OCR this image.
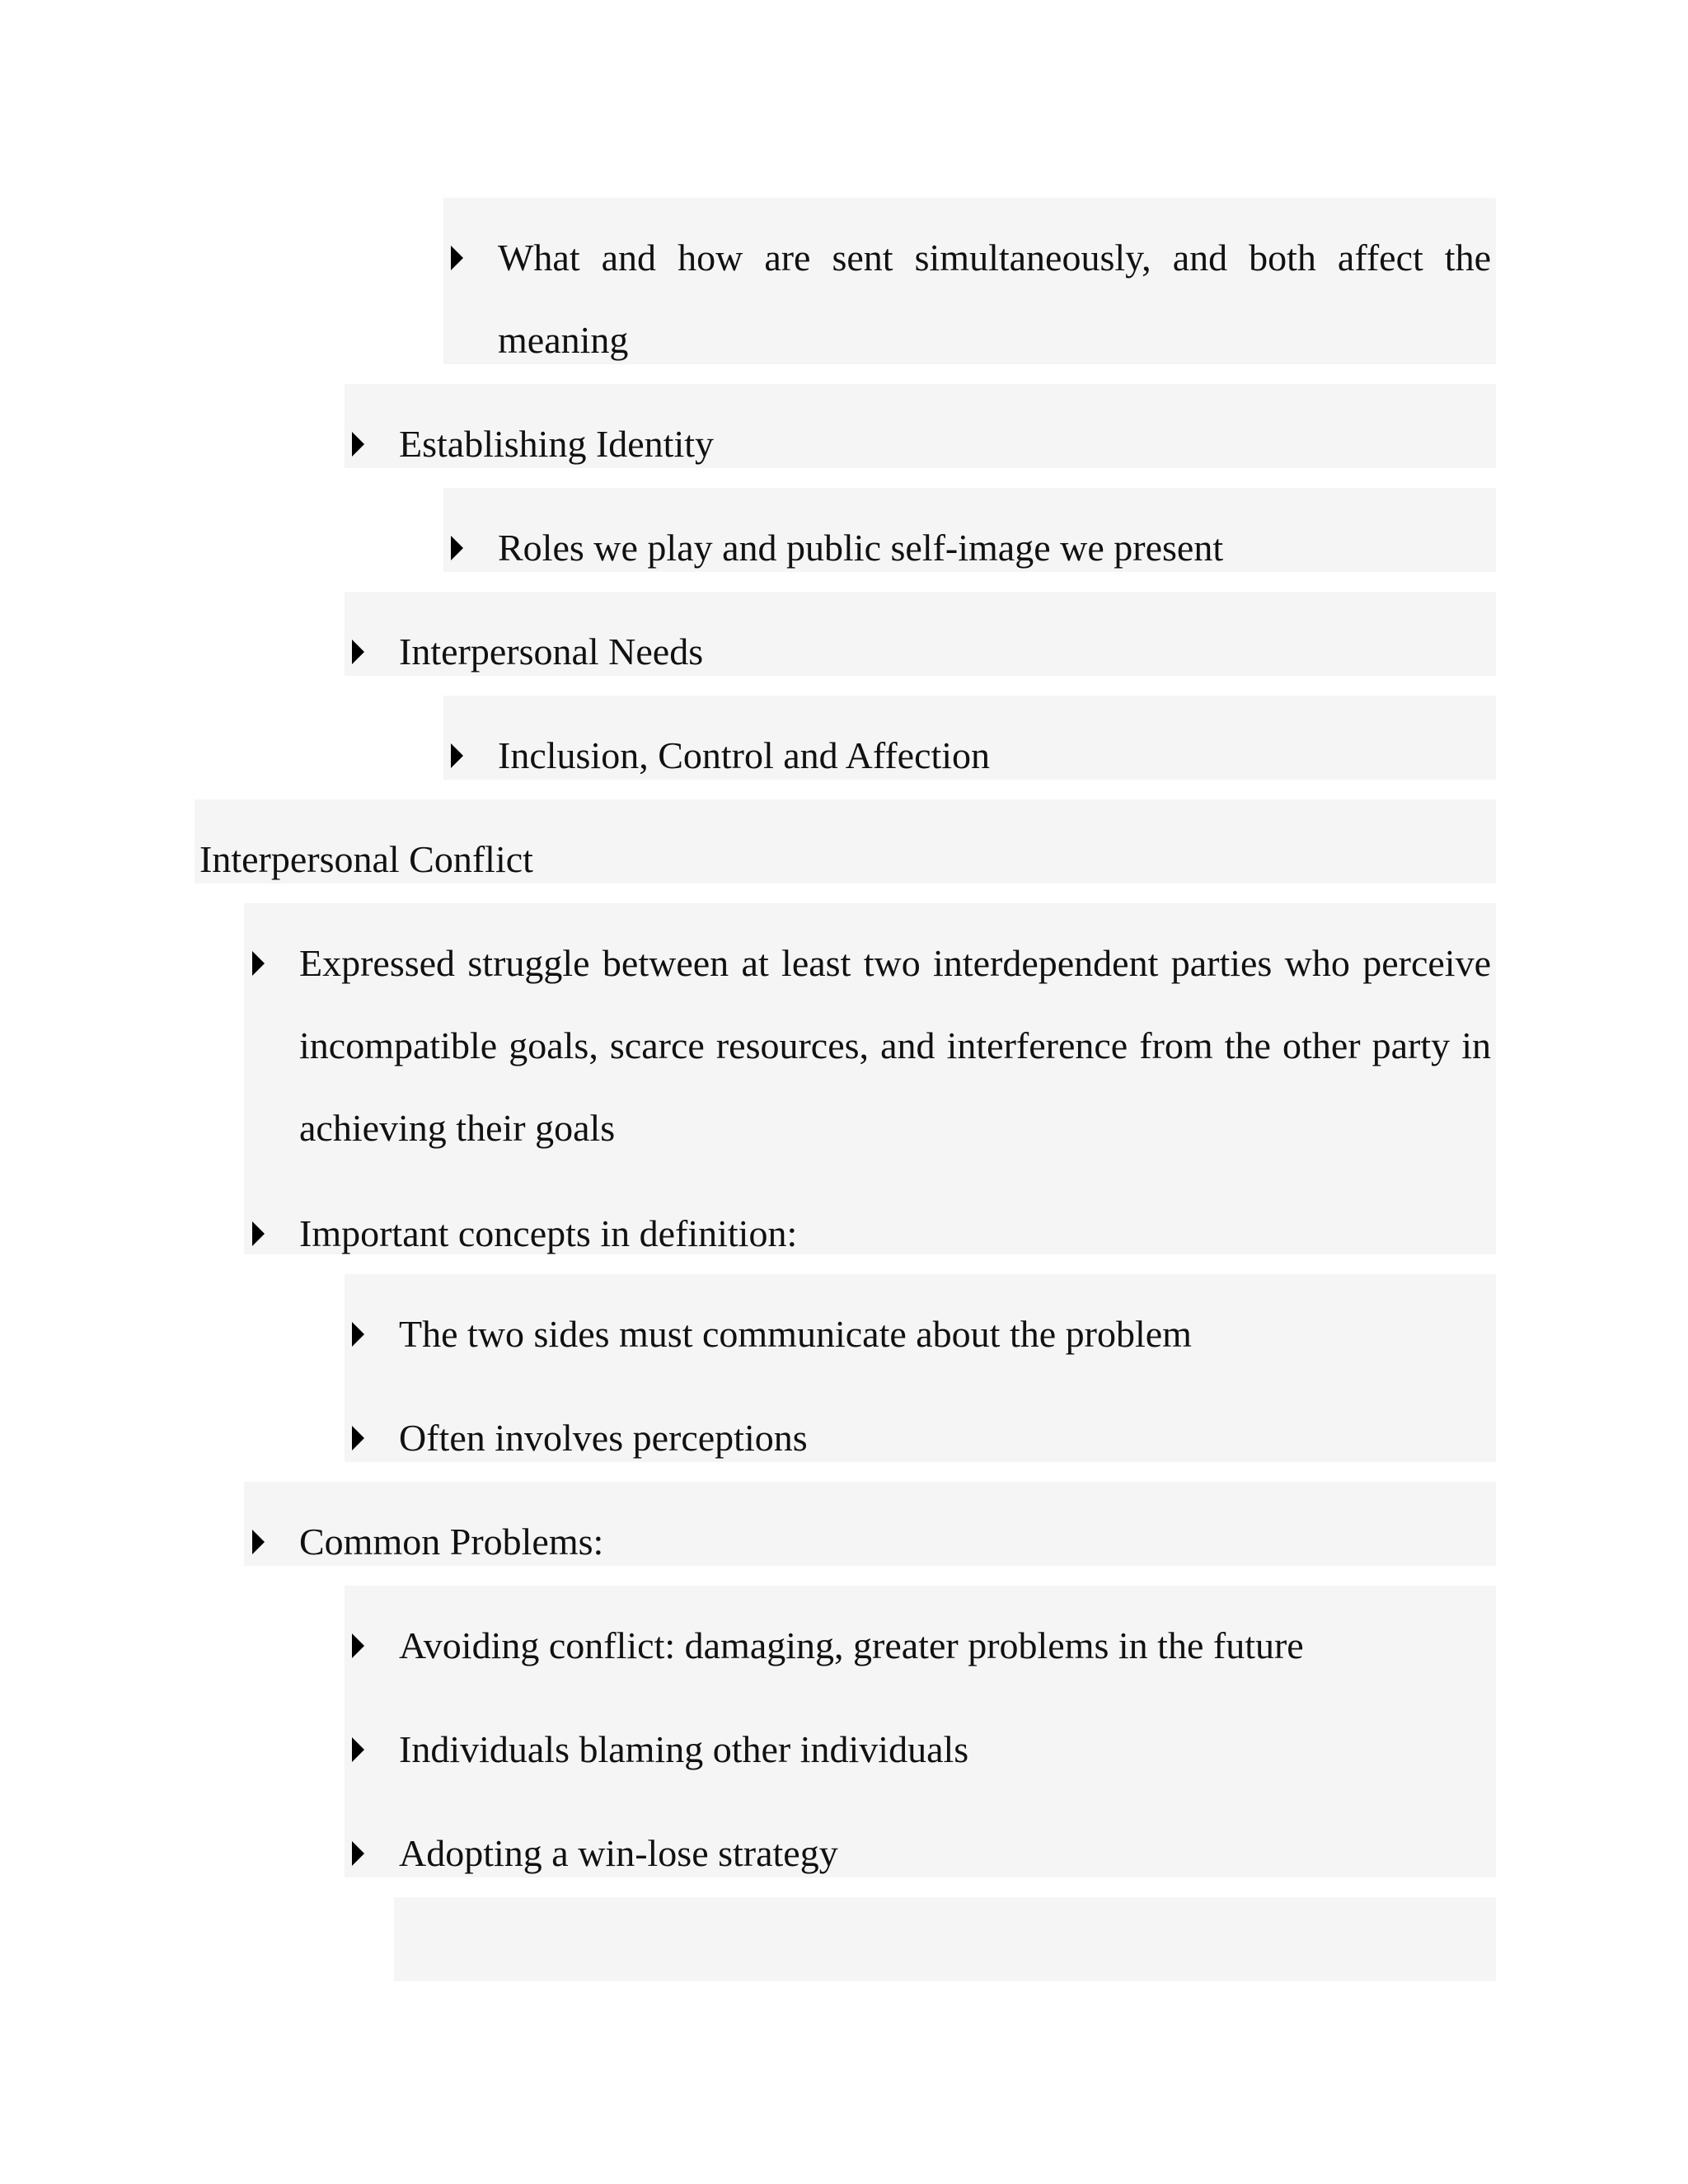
What and how are sent simultaneously, and both affect the meaning
Establishing Identity
Roles we play and public self-image we present
Interpersonal Needs
Inclusion, Control and Affection
Interpersonal Conflict
Expressed struggle between at least two interdependent parties who perceive incompatible goals, scarce resources, and interference from the other party in achieving their goals
Important concepts in definition:
The two sides must communicate about the problem
Often involves perceptions
Common Problems:
Avoiding conflict: damaging, greater problems in the future
Individuals blaming other individuals
Adopting a win-lose strategy
